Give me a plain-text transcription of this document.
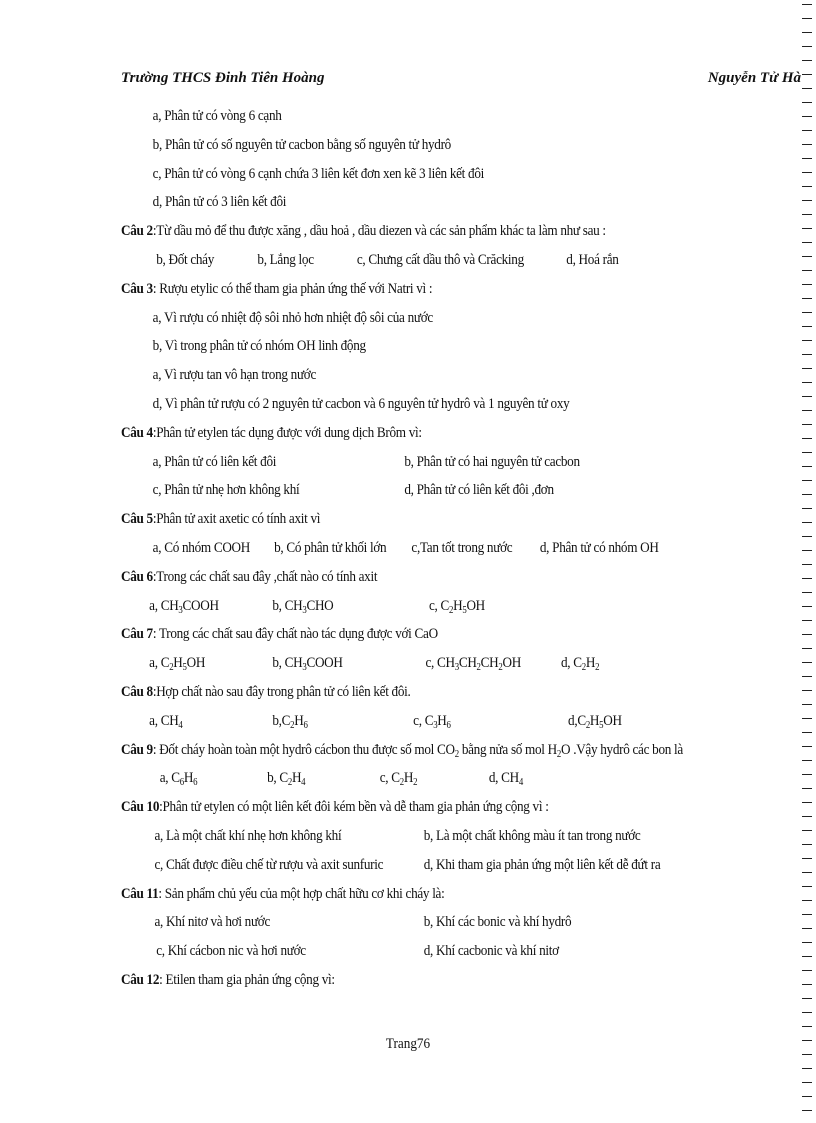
Trường THCS Đinh Tiên Hoàng	Nguyễn Tử Hà
a, Phân tử có vòng 6 cạnh
b, Phân tử có số nguyên tử cacbon bằng số nguyên tử hydrô
c, Phân tử có vòng 6 cạnh chứa 3 liên kết đơn xen kẽ 3 liên kết đôi
d, Phân tử có 3 liên kết đôi
Câu 2:Từ dầu mỏ để thu được xăng , dầu hoả , dầu diezen và các sản phẩm khác ta làm như sau :
b, Đốt cháy	b, Lắng lọc	c, Chưng cất dầu thô và Crăcking	d, Hoá rắn
Câu 3: Rượu etylic có thể tham gia phản ứng thế với Natri vì :
a, Vì rượu có nhiệt độ sôi nhỏ hơn nhiệt độ sôi của nước
b, Vì trong phân tử có nhóm OH linh động
a, Vì rượu tan vô hạn trong nước
d, Vì phân tử rượu có 2 nguyên tử cacbon và 6 nguyên tử hydrô và 1 nguyên tử oxy
Câu 4:Phân tử etylen tác dụng được với dung dịch Brôm vì:
a, Phân tử có liên kết đôi	b, Phân tử có hai nguyên tử cacbon
c, Phân tử nhẹ hơn không khí	d, Phân tử có liên kết đôi ,đơn
Câu 5:Phân tử axit axetic có tính axit vì
a, Có nhóm COOH b, Có phân tử khối lớn c,Tan tốt trong nước d, Phân tử có nhóm OH
Câu 6:Trong các chất sau đây ,chất nào có tính axit
a, $CH_3COOH$	b, $CH_3CHO$	c, $C_2H_5OH$
Câu 7: Trong các chất sau đây chất nào tác dụng được với CaO
a, $C_2H_5OH$	b, $CH_3COOH$	c, $CH_3CH_2CH_2OH$	d, $C_2H_2$
Câu 8:Hợp chất nào sau đây trong phân tử có liên kết đôi.
a, $CH_4$	$b,C_2H_6$	c, $C_3H_6$	$d,C_2H_5OH$
Câu 9: Đốt cháy hoàn toàn một hydrô cácbon thu được số mol $CO_2$ bằng nửa số mol $H_2O$ .Vậy hydrô các bon là
a, $C_6H_6$	b, $C_2H_4$	c, $C_2H_2$	d, $CH_4$
Câu 10:Phân tử etylen có một liên kết đôi kém bền và dễ tham gia phản ứng cộng vì :
a, Là một chất khí nhẹ hơn không khí	b, Là một chất không màu ít tan trong nước
c, Chất được điều chế từ rượu và axit sunfuric	d, Khi tham gia phản ứng một liên kết dễ đứt ra
Câu 11: Sản phẩm chủ yếu của một hợp chất hữu cơ khi cháy là:
a, Khí nitơ và hơi nước	b, Khí các bonic và khí hydrô
c, Khí cácbon nic và hơi nước	d, Khí cacbonic và khí nitơ
Câu 12: Etilen tham gia phản ứng cộng vì:
Trang76
